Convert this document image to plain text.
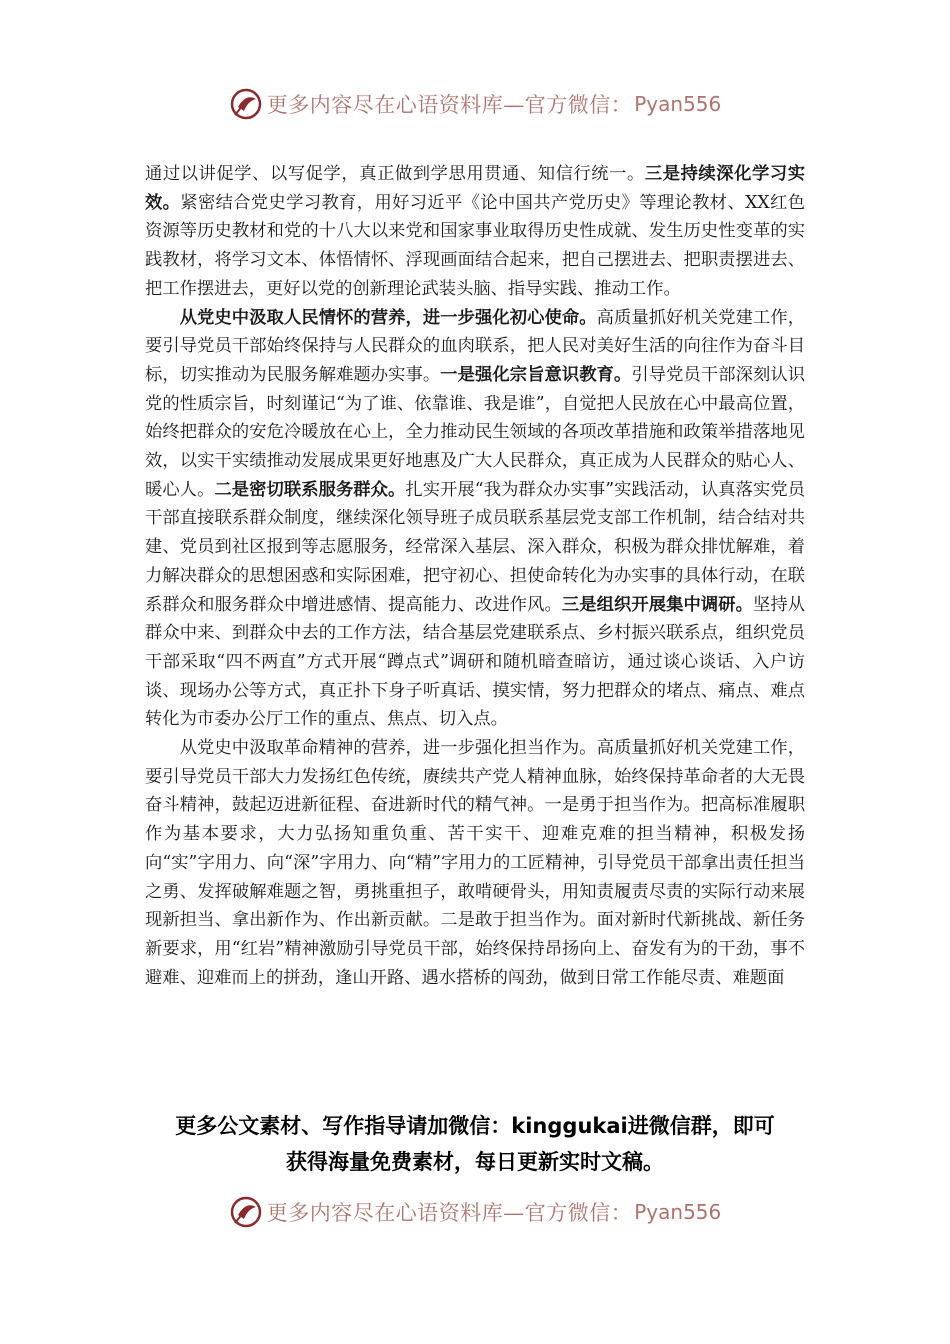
更多内容尽在心语资料库—官方微信： Pyan556

通过以讲促学、以写促学，真正做到学思用贯通、知信行统一。三是持续深化学习实效。紧密结合党史学习教育，用好习近平《论中国共产党历史》等理论教材、XX红色资源等历史教材和党的十八大以来党和国家事业取得历史性成就、发生历史性变革的实践教材，将学习文本、体悟情怀、浮现画面结合起来，把自己摆进去、把职责摆进去、把工作摆进去，更好以党的创新理论武装头脑、指导实践、推动工作。

从党史中汲取人民情怀的营养，进一步强化初心使命。高质量抓好机关党建工作，要引导党员干部始终保持与人民群众的血肉联系，把人民对美好生活的向往作为奋斗目标，切实推动为民服务解难题办实事。一是强化宗旨意识教育。引导党员干部深刻认识党的性质宗旨，时刻谨记“为了谁、依靠谁、我是谁”，自觉把人民放在心中最高位置，始终把群众的安危冷暖放在心上，全力推动民生领域的各项改革措施和政策举措落地见效，以实干实绩推动发展成果更好地惠及广大人民群众，真正成为人民群众的贴心人、暖心人。二是密切联系服务群众。扎实开展“我为群众办实事”实践活动，认真落实党员干部直接联系群众制度，继续深化领导班子成员联系基层党支部工作机制，结合结对共建、党员到社区报到等志愿服务，经常深入基层、深入群众，积极为群众排忧解难，着力解决群众的思想困惑和实际困难，把守初心、担使命转化为办实事的具体行动，在联系群众和服务群众中增进感情、提高能力、改进作风。三是组织开展集中调研。坚持从群众中来、到群众中去的工作方法，结合基层党建联系点、乡村振兴联系点，组织党员干部采取“四不两直”方式开展“蹲点式”调研和随机暗查暗访，通过谈心谈话、入户访谈、现场办公等方式，真正扑下身子听真话、摸实情，努力把群众的堵点、痛点、难点转化为市委办公厅工作的重点、焦点、切入点。

从党史中汲取革命精神的营养，进一步强化担当作为。高质量抓好机关党建工作，要引导党员干部大力发扬红色传统，赓续共产党人精神血脉，始终保持革命者的大无畏奋斗精神，鼓起迈进新征程、奋进新时代的精气神。一是勇于担当作为。把高标准履职作为基本要求，大力弘扬知重负重、苦干实干、迎难克难的担当精神，积极发扬向“实”字用力、向“深”字用力、向“精”字用力的工匠精神，引导党员干部拿出责任担当之勇、发挥破解难题之智，勇挑重担子，敢啃硬骨头，用知责履责尽责的实际行动来展现新担当、拿出新作为、作出新贡献。二是敢于担当作为。面对新时代新挑战、新任务新要求，用“红岩”精神激励引导党员干部，始终保持昂扬向上、奋发有为的干劲，事不避难、迎难而上的拼劲，逢山开路、遇水搭桥的闯劲，做到日常工作能尽责、难题面

更多公文素材、写作指导请加微信：kinggukai进微信群，即可
获得海量免费素材，每日更新实时文稿。
更多内容尽在心语资料库—官方微信： Pyan556
